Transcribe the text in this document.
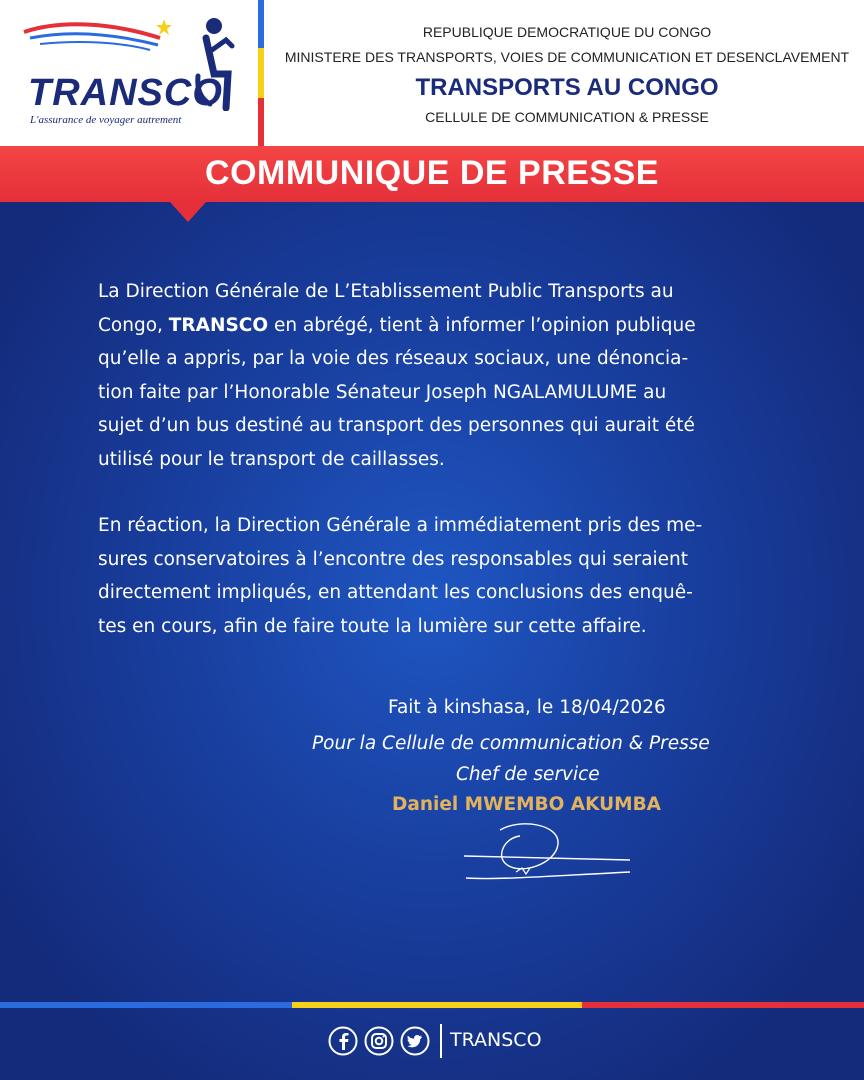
TRANSCO
L'assurance de voyager autrement
REPUBLIQUE DEMOCRATIQUE DU CONGO
MINISTERE DES TRANSPORTS, VOIES DE COMMUNICATION ET DESENCLAVEMENT
TRANSPORTS AU CONGO
CELLULE DE COMMUNICATION & PRESSE
COMMUNIQUE DE PRESSE
La Direction Générale de L’Etablissement Public Transports au
Congo, TRANSCO en abrégé, tient à informer l’opinion publique
qu’elle a appris, par la voie des réseaux sociaux, une dénoncia-
tion faite par l’Honorable Sénateur Joseph NGALAMULUME au
sujet d’un bus destiné au transport des personnes qui aurait été
utilisé pour le transport de caillasses.
En réaction, la Direction Générale a immédiatement pris des me-
sures conservatoires à l’encontre des responsables qui seraient
directement impliqués, en attendant les conclusions des enquê-
tes en cours, afin de faire toute la lumière sur cette affaire.
Fait à kinshasa, le 18/04/2026
Pour la Cellule de communication & Presse
Chef de service
Daniel MWEMBO AKUMBA
TRANSCO
